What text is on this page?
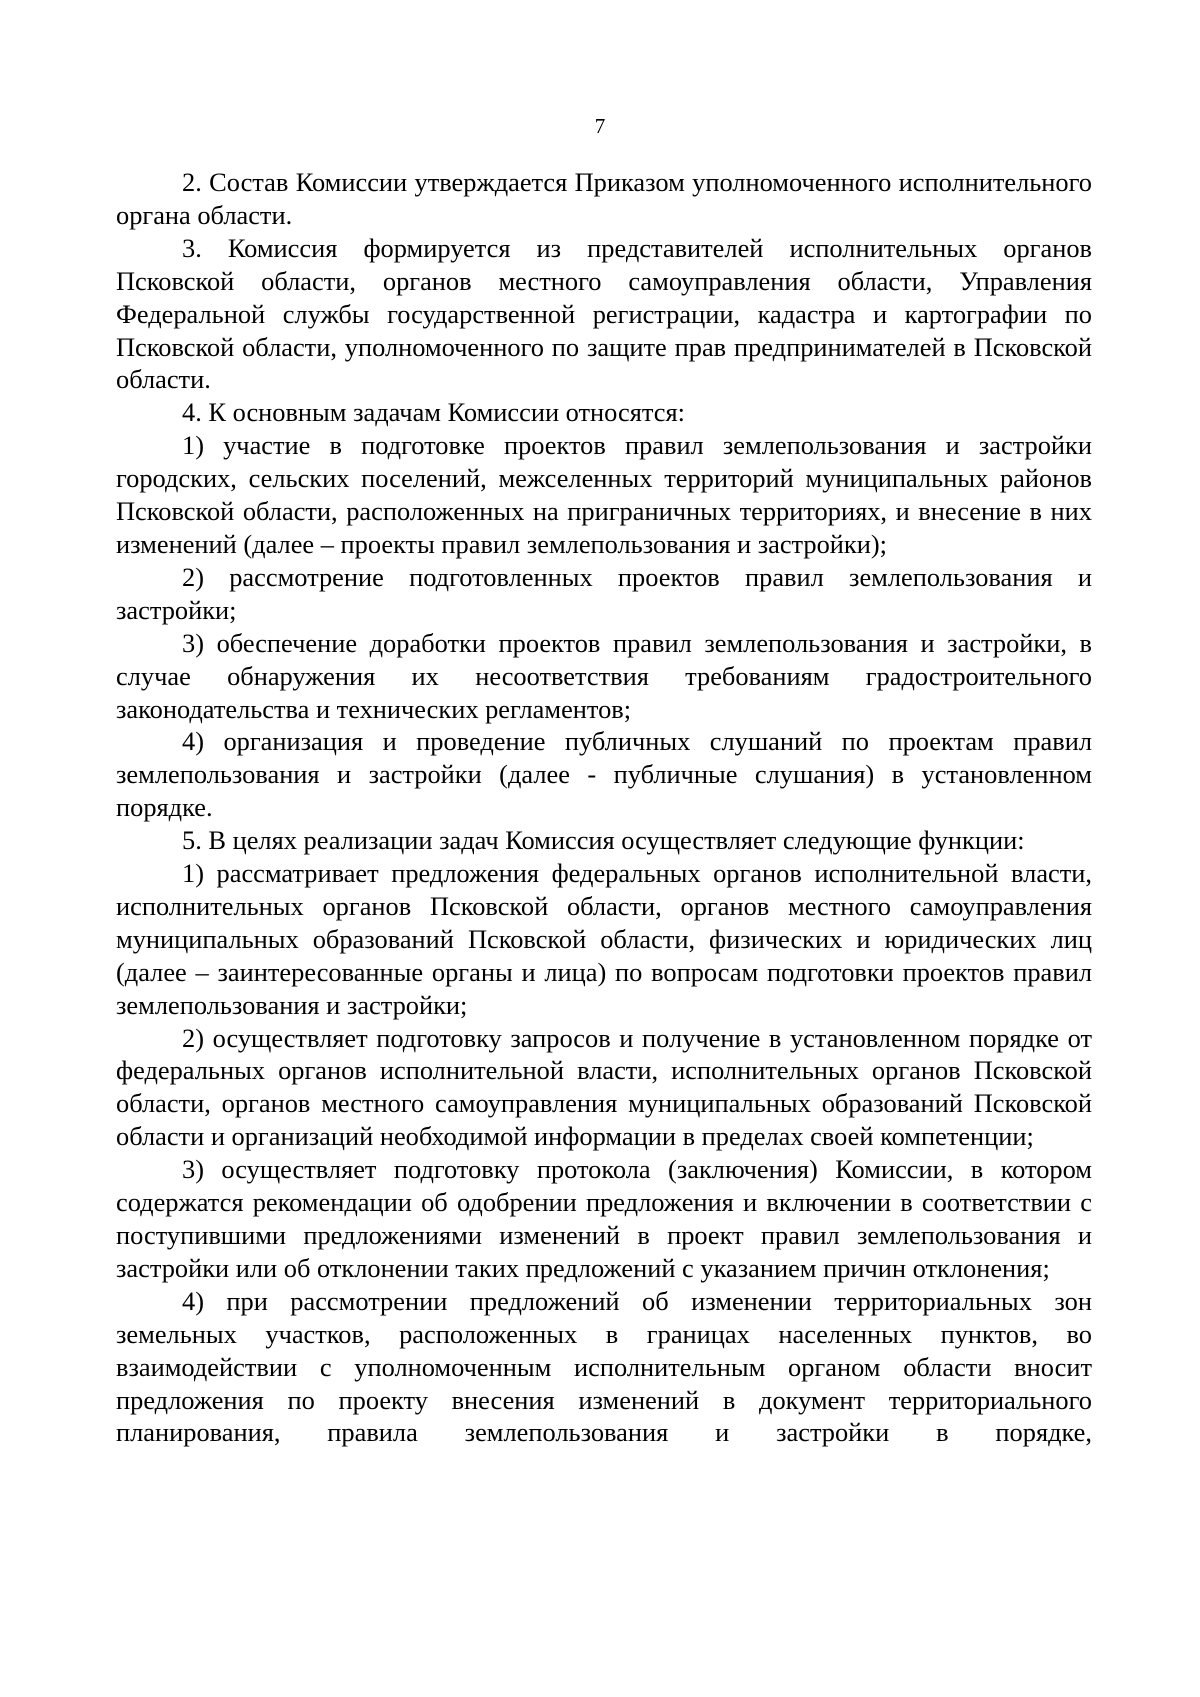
7

2. Состав Комиссии утверждается Приказом уполномоченного исполнительного органа области.

3. Комиссия формируется из представителей исполнительных органов Псковской области, органов местного самоуправления области, Управления Федеральной службы государственной регистрации, кадастра и картографии по Псковской области, уполномоченного по защите прав предпринимателей в Псковской области.

4. К основным задачам Комиссии относятся:

1) участие в подготовке проектов правил землепользования и застройки городских, сельских поселений, межселенных территорий муниципальных районов Псковской области, расположенных на приграничных территориях, и внесение в них изменений (далее – проекты правил землепользования и застройки);

2) рассмотрение подготовленных проектов правил землепользования и застройки;

3) обеспечение доработки проектов правил землепользования и застройки, в случае обнаружения их несоответствия требованиям градостроительного законодательства и технических регламентов;

4) организация и проведение публичных слушаний по проектам правил землепользования и застройки (далее - публичные слушания) в установленном порядке.

5. В целях реализации задач Комиссия осуществляет следующие функции:

1) рассматривает предложения федеральных органов исполнительной власти, исполнительных органов Псковской области, органов местного самоуправления муниципальных образований Псковской области, физических и юридических лиц (далее – заинтересованные органы и лица) по вопросам подготовки проектов правил землепользования и застройки;

2) осуществляет подготовку запросов и получение в установленном порядке от федеральных органов исполнительной власти, исполнительных органов Псковской области, органов местного самоуправления муниципальных образований Псковской области и организаций необходимой информации в пределах своей компетенции;

3) осуществляет подготовку протокола (заключения) Комиссии, в котором содержатся рекомендации об одобрении предложения и включении в соответствии с поступившими предложениями изменений в проект правил землепользования и застройки или об отклонении таких предложений с указанием причин отклонения;

4) при рассмотрении предложений об изменении территориальных зон земельных участков, расположенных в границах населенных пунктов, во взаимодействии с уполномоченным исполнительным органом области вносит предложения по проекту внесения изменений в документ территориального планирования, правила землепользования и застройки в порядке,
